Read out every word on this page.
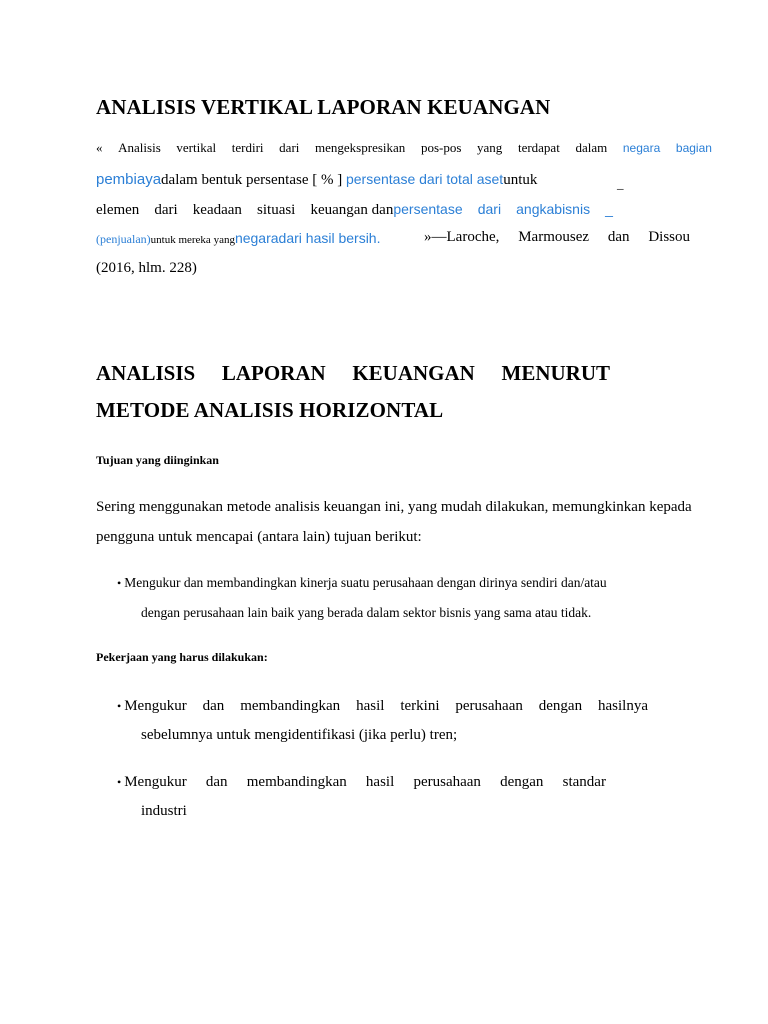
ANALISIS VERTIKAL LAPORAN KEUANGAN
« Analisis vertikal terdiri dari mengekspresikan pos-pos yang terdapat dalam negara bagian
pembiayadalam bentuk persentase [ % ] persentase dari total asetuntuk	_
elemen dari keadaan situasi keuangan danpersentase dari angkabisnis _
(penjualan)untuk mereka yangnegaradari hasil bersih.	»—Laroche, Marmousez dan Dissou
(2016, hlm. 228)
ANALISIS LAPORAN KEUANGAN MENURUT
METODE ANALISIS HORIZONTAL
Tujuan yang diinginkan
Sering menggunakan metode analisis keuangan ini, yang mudah dilakukan, memungkinkan kepada
pengguna untuk mencapai (antara lain) tujuan berikut:
• Mengukur dan membandingkan kinerja suatu perusahaan dengan dirinya sendiri dan/atau
dengan perusahaan lain baik yang berada dalam sektor bisnis yang sama atau tidak.
Pekerjaan yang harus dilakukan:
• Mengukur dan membandingkan hasil terkini perusahaan dengan hasilnya
sebelumnya untuk mengidentifikasi (jika perlu) tren;
• Mengukur dan membandingkan hasil perusahaan dengan standar
industri
